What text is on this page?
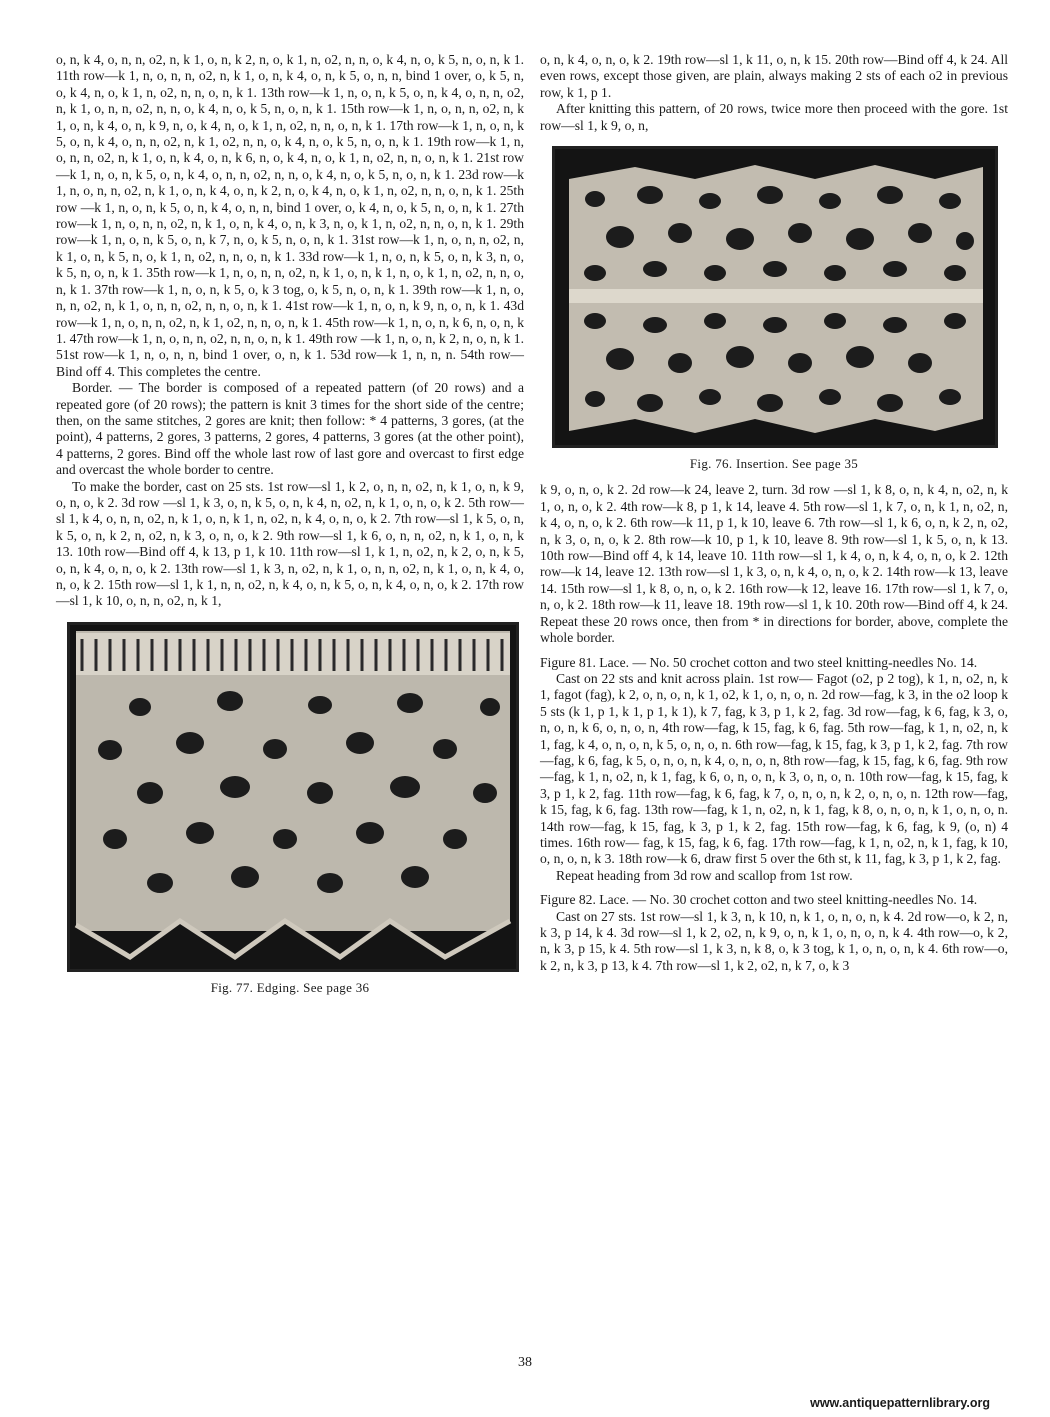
o, n, k 4, o, n, n, o2, n, k 1, o, n, k 2, n, o, k 1, n, o2, n, n, o, k 4, n, o, k 5, n, o, n, k 1. 11th row—k 1, n, o, n, n, o2, n, k 1, o, n, k 4, o, n, k 5, o, n, n, bind 1 over, o, k 5, n, o, k 4, n, o, k 1, n, o2, n, n, o, n, k 1. 13th row—k 1, n, o, n, k 5, o, n, k 4, o, n, n, o2, n, k 1, o, n, n, o2, n, n, o, k 4, n, o, k 5, n, o, n, k 1. 15th row—k 1, n, o, n, n, o2, n, k 1, o, n, k 4, o, n, k 9, n, o, k 4, n, o, k 1, n, o2, n, n, o, n, k 1. 17th row—k 1, n, o, n, k 5, o, n, k 4, o, n, n, o2, n, k 1, o2, n, n, o, k 4, n, o, k 5, n, o, n, k 1. 19th row—k 1, n, o, n, n, o2, n, k 1, o, n, k 4, o, n, k 6, n, o, k 4, n, o, k 1, n, o2, n, n, o, n, k 1. 21st row—k 1, n, o, n, k 5, o, n, k 4, o, n, n, o2, n, n, o, k 4, n, o, k 5, n, o, n, k 1. 23d row—k 1, n, o, n, n, o2, n, k 1, o, n, k 4, o, n, k 2, n, o, k 4, n, o, k 1, n, o2, n, n, o, n, k 1. 25th row —k 1, n, o, n, k 5, o, n, k 4, o, n, n, bind 1 over, o, k 4, n, o, k 5, n, o, n, k 1. 27th row—k 1, n, o, n, n, o2, n, k 1, o, n, k 4, o, n, k 3, n, o, k 1, n, o2, n, n, o, n, k 1. 29th row—k 1, n, o, n, k 5, o, n, k 7, n, o, k 5, n, o, n, k 1. 31st row—k 1, n, o, n, n, o2, n, k 1, o, n, k 5, n, o, k 1, n, o2, n, n, o, n, k 1. 33d row—k 1, n, o, n, k 5, o, n, k 3, n, o, k 5, n, o, n, k 1. 35th row—k 1, n, o, n, n, o2, n, k 1, o, n, k 1, n, o, k 1, n, o2, n, n, o, n, k 1. 37th row—k 1, n, o, n, k 5, o, k 3 tog, o, k 5, n, o, n, k 1. 39th row—k 1, n, o, n, n, o2, n, k 1, o, n, n, o2, n, n, o, n, k 1. 41st row—k 1, n, o, n, k 9, n, o, n, k 1. 43d row—k 1, n, o, n, n, o2, n, k 1, o2, n, n, o, n, k 1. 45th row—k 1, n, o, n, k 6, n, o, n, k 1. 47th row—k 1, n, o, n, n, o2, n, n, o, n, k 1. 49th row —k 1, n, o, n, k 2, n, o, n, k 1. 51st row—k 1, n, o, n, n, bind 1 over, o, n, k 1. 53d row—k 1, n, n, n. 54th row—Bind off 4. This completes the centre.

Border. — The border is composed of a repeated pattern (of 20 rows) and a repeated gore (of 20 rows); the pattern is knit 3 times for the short side of the centre; then, on the same stitches, 2 gores are knit; then follow: * 4 patterns, 3 gores, (at the point), 4 patterns, 2 gores, 3 patterns, 2 gores, 4 patterns, 3 gores (at the other point), 4 patterns, 2 gores. Bind off the whole last row of last gore and overcast to first edge and overcast the whole border to centre.

To make the border, cast on 25 sts. 1st row—sl 1, k 2, o, n, n, o2, n, k 1, o, n, k 9, o, n, o, k 2. 3d row —sl 1, k 3, o, n, k 5, o, n, k 4, n, o2, n, k 1, o, n, o, k 2. 5th row—sl 1, k 4, o, n, n, o2, n, k 1, o, n, k 1, n, o2, n, k 4, o, n, o, k 2. 7th row—sl 1, k 5, o, n, k 5, o, n, k 2, n, o2, n, k 3, o, n, o, k 2. 9th row—sl 1, k 6, o, n, n, o2, n, k 1, o, n, k 13. 10th row—Bind off 4, k 13, p 1, k 10. 11th row—sl 1, k 1, n, o2, n, k 2, o, n, k 5, o, n, k 4, o, n, o, k 2. 13th row—sl 1, k 3, n, o2, n, k 1, o, n, n, o2, n, k 1, o, n, k 4, o, n, o, k 2. 15th row—sl 1, k 1, n, n, o2, n, k 4, o, n, k 5, o, n, k 4, o, n, o, k 2. 17th row—sl 1, k 10, o, n, n, o2, n, k 1,

Fig. 77. Edging. See page 36

o, n, k 4, o, n, o, k 2. 19th row—sl 1, k 11, o, n, k 15. 20th row—Bind off 4, k 24. All even rows, except those given, are plain, always making 2 sts of each o2 in previous row, k 1, p 1.

After knitting this pattern, of 20 rows, twice more then proceed with the gore. 1st row—sl 1, k 9, o, n,

Fig. 76. Insertion. See page 35

k 9, o, n, o, k 2. 2d row—k 24, leave 2, turn. 3d row —sl 1, k 8, o, n, k 4, n, o2, n, k 1, o, n, o, k 2. 4th row—k 8, p 1, k 14, leave 4. 5th row—sl 1, k 7, o, n, k 1, n, o2, n, k 4, o, n, o, k 2. 6th row—k 11, p 1, k 10, leave 6. 7th row—sl 1, k 6, o, n, k 2, n, o2, n, k 3, o, n, o, k 2. 8th row—k 10, p 1, k 10, leave 8. 9th row—sl 1, k 5, o, n, k 13. 10th row—Bind off 4, k 14, leave 10. 11th row—sl 1, k 4, o, n, k 4, o, n, o, k 2. 12th row—k 14, leave 12. 13th row—sl 1, k 3, o, n, k 4, o, n, o, k 2. 14th row—k 13, leave 14. 15th row—sl 1, k 8, o, n, o, k 2. 16th row—k 12, leave 16. 17th row—sl 1, k 7, o, n, o, k 2. 18th row—k 11, leave 18. 19th row—sl 1, k 10. 20th row—Bind off 4, k 24. Repeat these 20 rows once, then from * in directions for border, above, complete the whole border.

Figure 81. Lace. — No. 50 crochet cotton and two steel knitting-needles No. 14.

Cast on 22 sts and knit across plain. 1st row— Fagot (o2, p 2 tog), k 1, n, o2, n, k 1, fagot (fag), k 2, o, n, o, n, k 1, o2, k 1, o, n, o, n. 2d row—fag, k 3, in the o2 loop k 5 sts (k 1, p 1, k 1, p 1, k 1), k 7, fag, k 3, p 1, k 2, fag. 3d row—fag, k 6, fag, k 3, o, n, o, n, k 6, o, n, o, n, 4th row—fag, k 15, fag, k 6, fag. 5th row—fag, k 1, n, o2, n, k 1, fag, k 4, o, n, o, n, k 5, o, n, o, n. 6th row—fag, k 15, fag, k 3, p 1, k 2, fag. 7th row—fag, k 6, fag, k 5, o, n, o, n, k 4, o, n, o, n, 8th row—fag, k 15, fag, k 6, fag. 9th row —fag, k 1, n, o2, n, k 1, fag, k 6, o, n, o, n, k 3, o, n, o, n. 10th row—fag, k 15, fag, k 3, p 1, k 2, fag. 11th row—fag, k 6, fag, k 7, o, n, o, n, k 2, o, n, o, n. 12th row—fag, k 15, fag, k 6, fag. 13th row—fag, k 1, n, o2, n, k 1, fag, k 8, o, n, o, n, k 1, o, n, o, n. 14th row—fag, k 15, fag, k 3, p 1, k 2, fag. 15th row—fag, k 6, fag, k 9, (o, n) 4 times. 16th row— fag, k 15, fag, k 6, fag. 17th row—fag, k 1, n, o2, n, k 1, fag, k 10, o, n, o, n, k 3. 18th row—k 6, draw first 5 over the 6th st, k 11, fag, k 3, p 1, k 2, fag.

Repeat heading from 3d row and scallop from 1st row.

Figure 82. Lace. — No. 30 crochet cotton and two steel knitting-needles No. 14.

Cast on 27 sts. 1st row—sl 1, k 3, n, k 10, n, k 1, o, n, o, n, k 4. 2d row—o, k 2, n, k 3, p 14, k 4. 3d row—sl 1, k 2, o2, n, k 9, o, n, k 1, o, n, o, n, k 4. 4th row—o, k 2, n, k 3, p 15, k 4. 5th row—sl 1, k 3, n, k 8, o, k 3 tog, k 1, o, n, o, n, k 4. 6th row—o, k 2, n, k 3, p 13, k 4. 7th row—sl 1, k 2, o2, n, k 7, o, k 3

38
www.antiquepatternlibrary.org
